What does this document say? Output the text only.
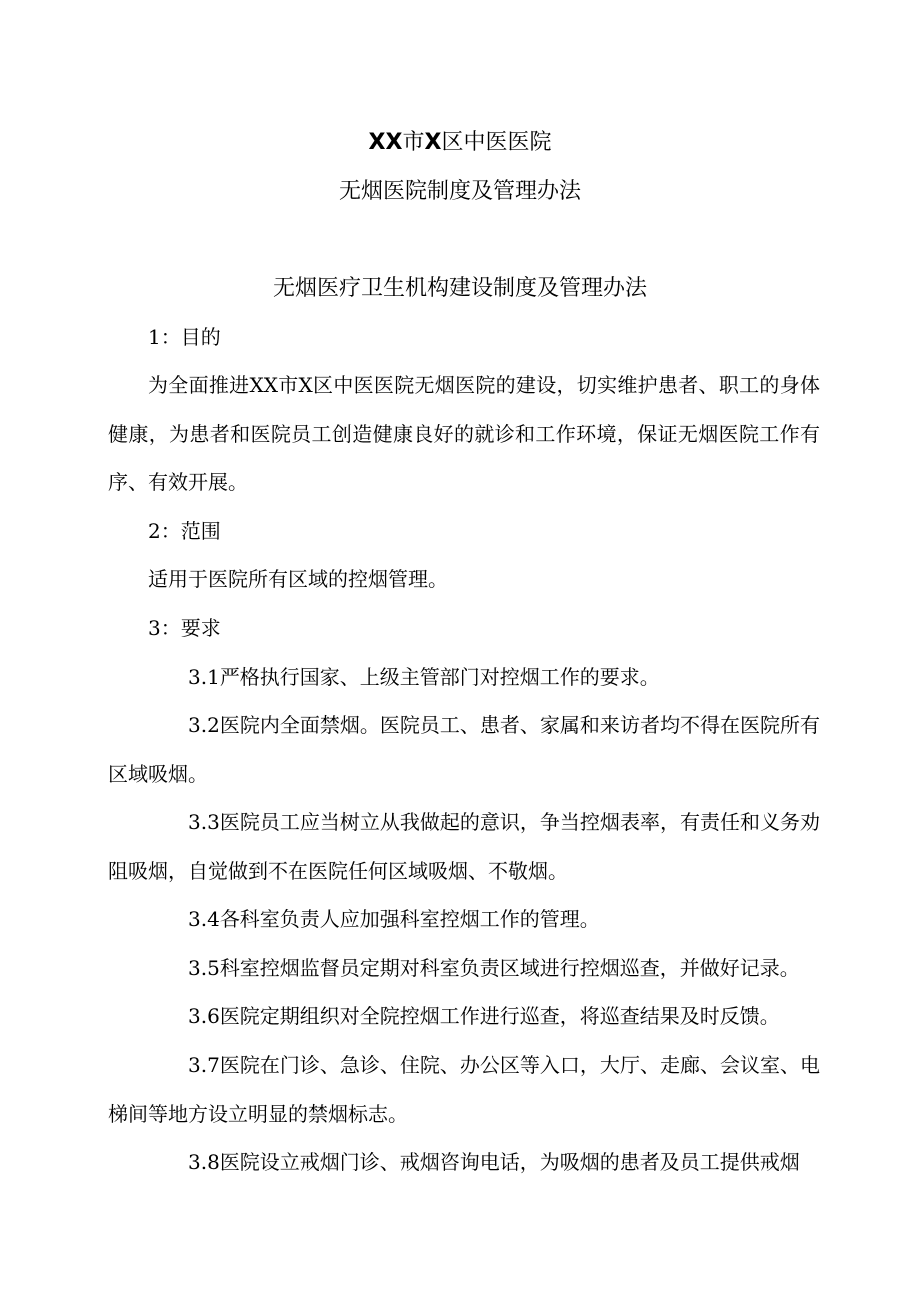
XX市X区中医医院
无烟医院制度及管理办法
无烟医疗卫生机构建设制度及管理办法

1：目的

为全面推进XX市X区中医医院无烟医院的建设，切实维护患者、职工的身体健康，为患者和医院员工创造健康良好的就诊和工作环境，保证无烟医院工作有序、有效开展。

2：范围

适用于医院所有区域的控烟管理。

3：要求

3.1严格执行国家、上级主管部门对控烟工作的要求。

3.2医院内全面禁烟。医院员工、患者、家属和来访者均不得在医院所有区域吸烟。

3.3医院员工应当树立从我做起的意识，争当控烟表率，有责任和义务劝阻吸烟，自觉做到不在医院任何区域吸烟、不敬烟。

3.4各科室负责人应加强科室控烟工作的管理。

3.5科室控烟监督员定期对科室负责区域进行控烟巡查，并做好记录。

3.6医院定期组织对全院控烟工作进行巡查，将巡查结果及时反馈。

3.7医院在门诊、急诊、住院、办公区等入口，大厅、走廊、会议室、电梯间等地方设立明显的禁烟标志。

3.8医院设立戒烟门诊、戒烟咨询电话，为吸烟的患者及员工提供戒烟
